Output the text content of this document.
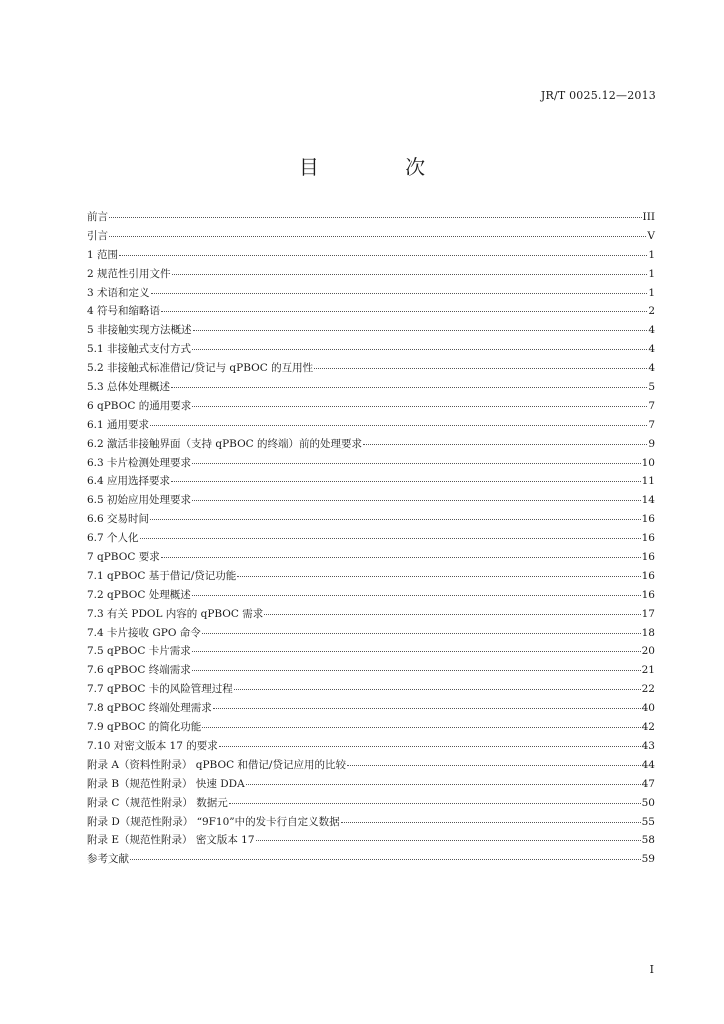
JR/T 0025.12—2013
目 次
前言	III
引言	V
1 范围	1
2 规范性引用文件	1
3 术语和定义	1
4 符号和缩略语	2
5 非接触实现方法概述	4
5.1 非接触式支付方式	4
5.2 非接触式标准借记/贷记与 qPBOC 的互用性	4
5.3 总体处理概述	5
6 qPBOC 的通用要求	7
6.1 通用要求	7
6.2 激活非接触界面（支持 qPBOC 的终端）前的处理要求	9
6.3 卡片检测处理要求	10
6.4 应用选择要求	11
6.5 初始应用处理要求	14
6.6 交易时间	16
6.7 个人化	16
7 qPBOC 要求	16
7.1 qPBOC 基于借记/贷记功能	16
7.2 qPBOC 处理概述	16
7.3 有关 PDOL 内容的 qPBOC 需求	17
7.4 卡片接收 GPO 命令	18
7.5 qPBOC 卡片需求	20
7.6 qPBOC 终端需求	21
7.7 qPBOC 卡的风险管理过程	22
7.8 qPBOC 终端处理需求	40
7.9 qPBOC 的简化功能	42
7.10 对密文版本 17 的要求	43
附录 A（资料性附录） qPBOC 和借记/贷记应用的比较	44
附录 B（规范性附录） 快速 DDA	47
附录 C（规范性附录） 数据元	50
附录 D（规范性附录） “9F10”中的发卡行自定义数据	55
附录 E（规范性附录） 密文版本 17	58
参考文献	59
I
